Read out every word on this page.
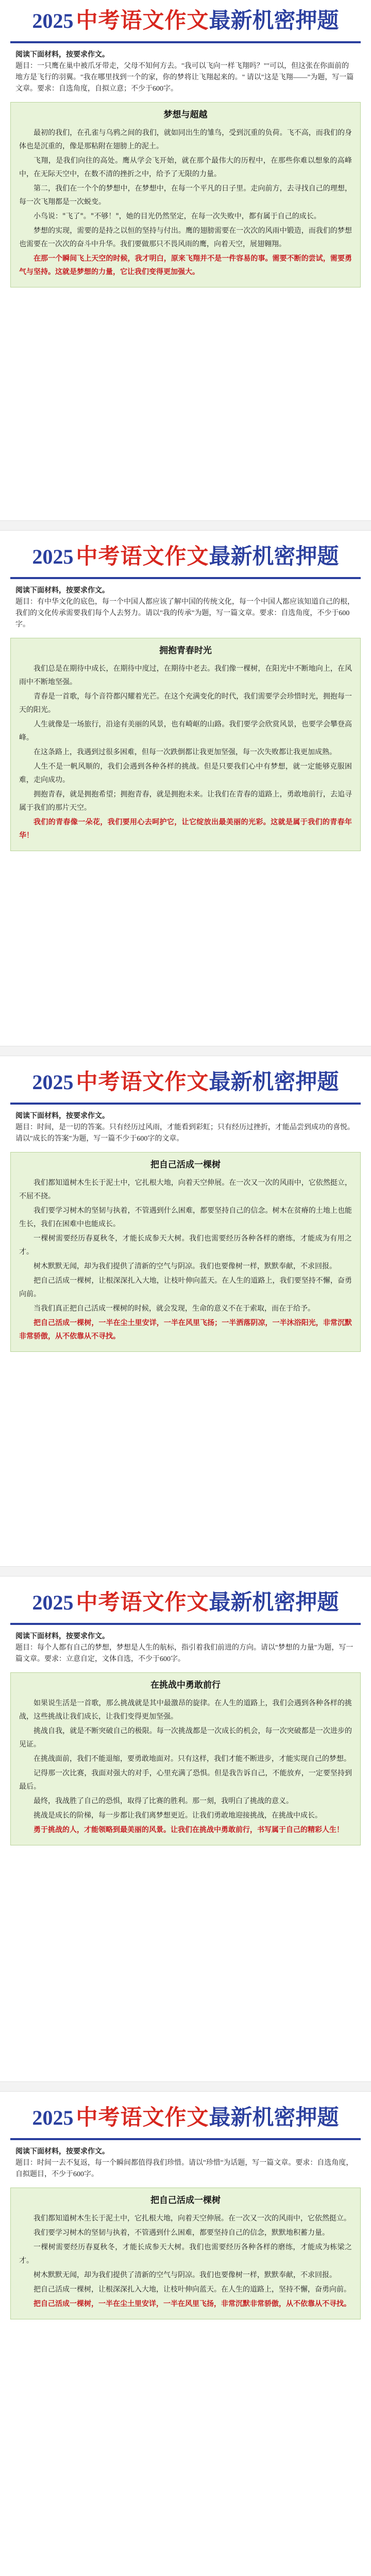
2025 中考语文作文最新机密押题
阅读下面材料，按要求作文。
题目：一只鹰在巢中被爪牙带走，父母不知何方去。"我可以飞向一样飞翔吗？""可以，但这张在你面前的地方是飞行的羽翼。"我在哪里找到一个的家，你的梦将让飞翔起来的。" 请以"这是飞翔——"为题，写一篇文章。要求：自选角度，自拟立意；不少于600字。
梦想与超越

最初的我们，在孔雀与乌鸦之间的我们，就如同出生的雏鸟，受到沉重的负荷。飞不高，而我们的身体也是沉重的，像是那粘附在翅膀上的泥土。

飞翔，是我们向往的高处。鹰从学会飞开始，就在那个最伟大的历程中，在那些你难以想象的高峰中，在无际天空中，在数不清的挫折之中，给予了无限的力量。

第二，我们在一个个的梦想中，在梦想中，在每一个平凡的日子里。走向前方，去寻找自己的理想，每一次飞翔都是一次蜕变。

小鸟说："飞了"。"不够！"，她的目光仍然坚定，在每一次失败中，都有属于自己的成长。

梦想的实现，需要的是持之以恒的坚持与付出。鹰的翅膀需要在一次次的风雨中锻造，而我们的梦想也需要在一次次的奋斗中升华。我们要做那只不畏风雨的鹰，向着天空，展翅翱翔。

在那一个瞬间飞上天空的时候，我才明白，原来飞翔并不是一件容易的事。需要不断的尝试，需要勇气与坚持。这就是梦想的力量，它让我们变得更加强大。

2025 中考语文作文最新机密押题
阅读下面材料，按要求作文。
题目：有中华文化的底色，每一个中国人都应该了解中国的传统文化，每一个中国人都应该知道自己的根，我们的文化传承需要我们每个人去努力。请以"我的传承"为题，写一篇文章。要求：自选角度，不少于600字。
拥抱青春时光

我们总是在期待中成长，在期待中度过，在期待中老去。我们像一棵树，在阳光中不断地向上，在风雨中不断地坚强。

青春是一首歌，每个音符都闪耀着光芒。在这个充满变化的时代，我们需要学会珍惜时光，拥抱每一天的阳光。

人生就像是一场旅行，沿途有美丽的风景，也有崎岖的山路。我们要学会欣赏风景，也要学会攀登高峰。

在这条路上，我遇到过很多困难，但每一次跌倒都让我更加坚强，每一次失败都让我更加成熟。

人生不是一帆风顺的，我们会遇到各种各样的挑战。但是只要我们心中有梦想，就一定能够克服困难，走向成功。

拥抱青春，就是拥抱希望；拥抱青春，就是拥抱未来。让我们在青春的道路上，勇敢地前行，去追寻属于我们的那片天空。

我们的青春像一朵花，我们要用心去呵护它，让它绽放出最美丽的光彩。这就是属于我们的青春年华！

2025 中考语文作文最新机密押题
阅读下面材料，按要求作文。
题目：时间，是一切的答案。只有经历过风雨，才能看到彩虹；只有经历过挫折，才能品尝到成功的喜悦。请以"成长的答案"为题，写一篇不少于600字的文章。
把自己活成一棵树

我们都知道树木生长于泥土中，它扎根大地，向着天空伸展。在一次又一次的风雨中，它依然挺立，不屈不挠。

我们要学习树木的坚韧与执着，不管遇到什么困难，都要坚持自己的信念。树木在贫瘠的土地上也能生长，我们在困难中也能成长。

一棵树需要经历春夏秋冬，才能长成参天大树。我们也需要经历各种各样的磨练，才能成为有用之才。

树木默默无闻，却为我们提供了清新的空气与阴凉。我们也要像树一样，默默奉献，不求回报。

把自己活成一棵树，让根深深扎入大地，让枝叶伸向蓝天。在人生的道路上，我们要坚持不懈，奋勇向前。

当我们真正把自己活成一棵树的时候，就会发现，生命的意义不在于索取，而在于给予。

把自己活成一棵树，一半在尘土里安详，一半在风里飞扬；一半洒落阴凉，一半沐浴阳光，非常沉默非常骄傲，从不依靠从不寻找。

2025 中考语文作文最新机密押题
阅读下面材料，按要求作文。
题目：每个人都有自己的梦想，梦想是人生的航标，指引着我们前进的方向。请以"梦想的力量"为题，写一篇文章。要求：立意自定，文体自选，不少于600字。
在挑战中勇敢前行

如果说生活是一首歌，那么挑战就是其中最激昂的旋律。在人生的道路上，我们会遇到各种各样的挑战，这些挑战让我们成长，让我们变得更加坚强。

挑战自我，就是不断突破自己的极限。每一次挑战都是一次成长的机会，每一次突破都是一次进步的见证。

在挑战面前，我们不能退缩，要勇敢地面对。只有这样，我们才能不断进步，才能实现自己的梦想。

记得那一次比赛，我面对强大的对手，心里充满了恐惧。但是我告诉自己，不能放弃，一定要坚持到最后。

最终，我战胜了自己的恐惧，取得了比赛的胜利。那一刻，我明白了挑战的意义。

挑战是成长的阶梯，每一步都让我们离梦想更近。让我们勇敢地迎接挑战，在挑战中成长。

勇于挑战的人，才能领略到最美丽的风景。让我们在挑战中勇敢前行，书写属于自己的精彩人生！

2025 中考语文作文最新机密押题
阅读下面材料，按要求作文。
题目：时间一去不复返，每一个瞬间都值得我们珍惜。请以"珍惜"为话题，写一篇文章。要求：自选角度，自拟题目，不少于600字。
把自己活成一棵树

我们都知道树木生长于泥土中，它扎根大地，向着天空伸展。在一次又一次的风雨中，它依然挺立。

我们要学习树木的坚韧与执着，不管遇到什么困难，都要坚持自己的信念，默默地积蓄力量。

一棵树需要经历春夏秋冬，才能长成参天大树。我们也需要经历各种各样的磨练，才能成为栋梁之才。

树木默默无闻，却为我们提供了清新的空气与阴凉。我们也要像树一样，默默奉献，不求回报。

把自己活成一棵树，让根深深扎入大地，让枝叶伸向蓝天。在人生的道路上，坚持不懈，奋勇向前。

把自己活成一棵树，一半在尘土里安详，一半在风里飞扬，非常沉默非常骄傲，从不依靠从不寻找。
